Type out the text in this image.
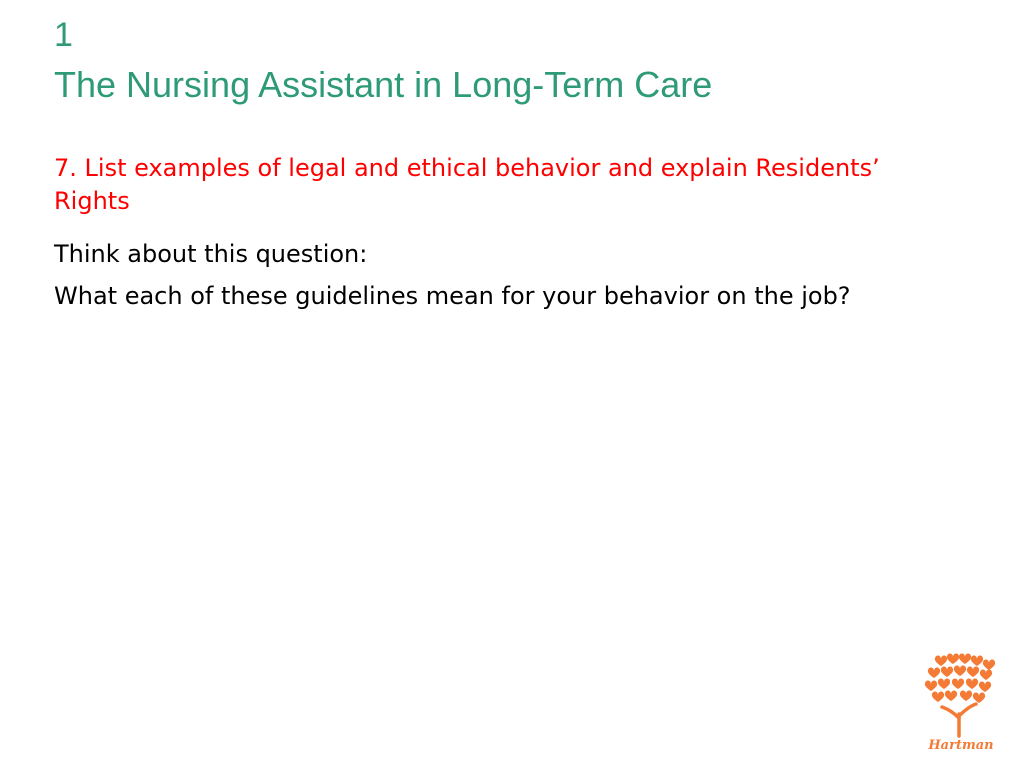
1
The Nursing Assistant in Long-Term Care

7. List examples of legal and ethical behavior and explain Residents’ Rights

Think about this question:

What each of these guidelines mean for your behavior on the job?

Hartman
